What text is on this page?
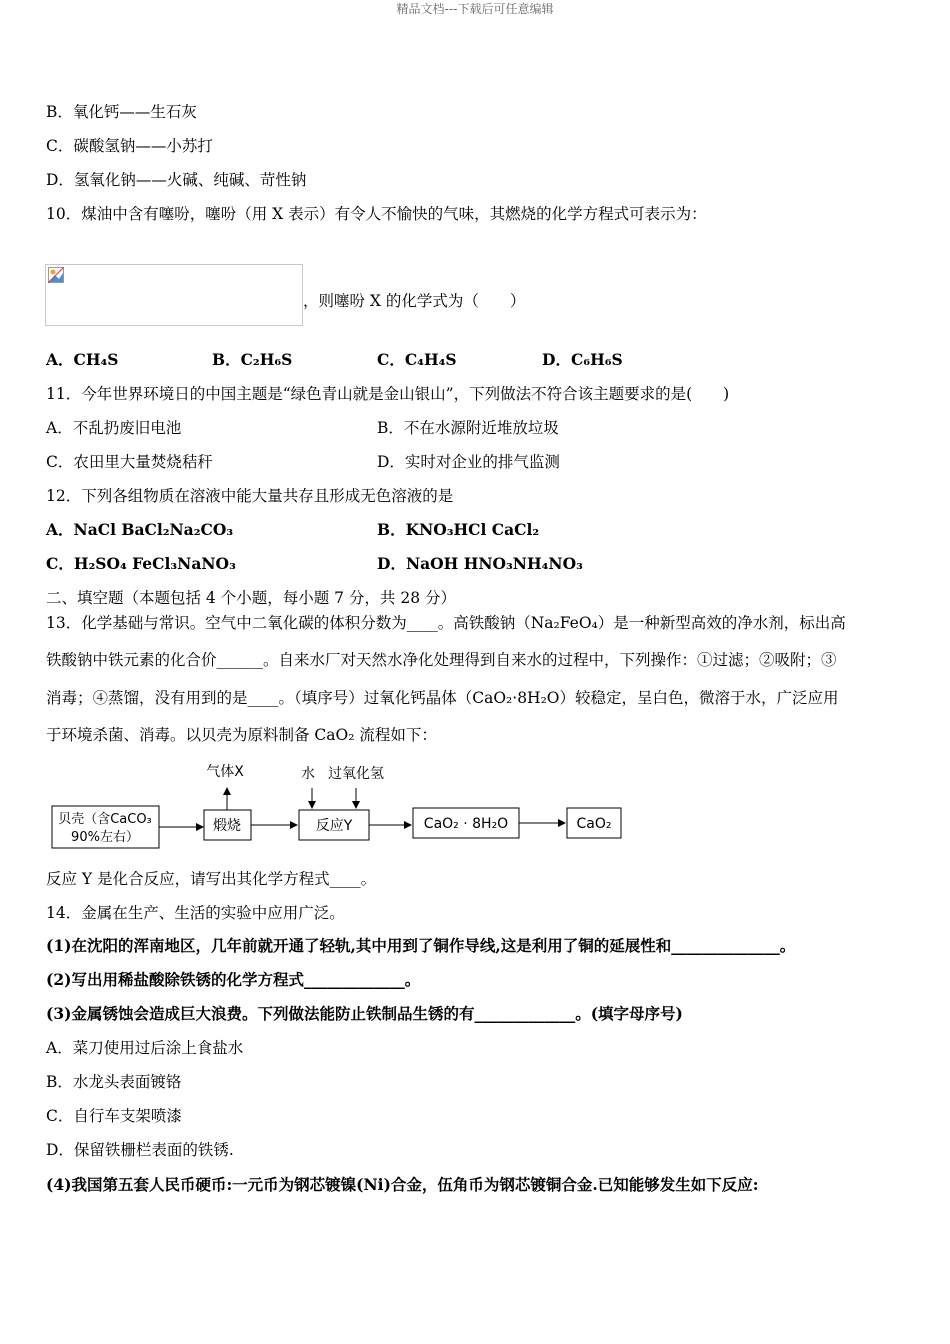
精品文档---下载后可任意编辑
B．氧化钙——生石灰
C．碳酸氢钠——小苏打
D．氢氧化钠——火碱、纯碱、苛性钠
10．煤油中含有噻吩，噻吩（用 X 表示）有令人不愉快的气味，其燃烧的化学方程式可表示为：
，则噻吩 X 的化学式为（　　）
A．CH₄S	B．C₂H₆S	C．C₄H₄S	D．C₆H₆S
11．今年世界环境日的中国主题是“绿色青山就是金山银山”，下列做法不符合该主题要求的是(　　)
A．不乱扔废旧电池	B．不在水源附近堆放垃圾
C．农田里大量焚烧秸秆	D．实时对企业的排气监测
12．下列各组物质在溶液中能大量共存且形成无色溶液的是
A．NaCl BaCl₂Na₂CO₃	B．KNO₃HCl CaCl₂
C．H₂SO₄ FeCl₃NaNO₃	D．NaOH HNO₃NH₄NO₃
二、填空题（本题包括 4 个小题，每小题 7 分，共 28 分）
13．化学基础与常识。空气中二氧化碳的体积分数为____。高铁酸钠（Na₂FeO₄）是一种新型高效的净水剂，标出高
铁酸钠中铁元素的化合价______。自来水厂对天然水净化处理得到自来水的过程中，下列操作：①过滤；②吸附；③
消毒；④蒸馏，没有用到的是____。（填序号）过氧化钙晶体（CaO₂·8H₂O）较稳定，呈白色，微溶于水，广泛应用
于环境杀菌、消毒。以贝壳为原料制备 CaO₂ 流程如下：
贝壳（含CaCO₃
90%左右）
煅烧
气体X	水 过氧化氢
反应Y	CaO₂ · 8H₂O	CaO₂
反应 Y 是化合反应，请写出其化学方程式____。
14．金属在生产、生活的实验中应用广泛。
(1)在沈阳的浑南地区，几年前就开通了轻轨,其中用到了铜作导线,这是利用了铜的延展性和______________。
(2)写出用稀盐酸除铁锈的化学方程式_____________。
(3)金属锈蚀会造成巨大浪费。下列做法能防止铁制品生锈的有_____________。(填字母序号)
A．菜刀使用过后涂上食盐水
B．水龙头表面镀铬
C．自行车支架喷漆
D．保留铁栅栏表面的铁锈.
(4)我国第五套人民币硬币:一元币为钢芯镀镍(Ni)合金，伍角币为钢芯镀铜合金.已知能够发生如下反应:
